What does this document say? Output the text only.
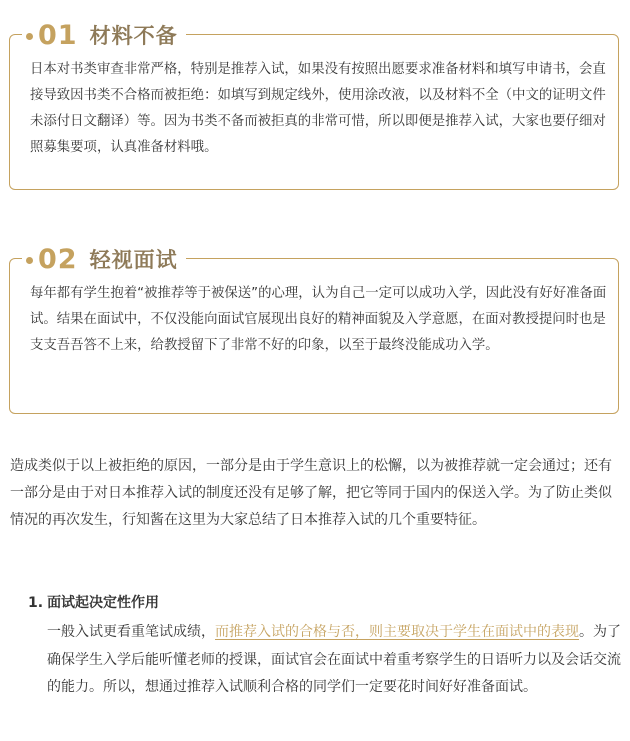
01 材料不备
日本对书类审查非常严格，特别是推荐入试，如果没有按照出愿要求准备材料和填写申请书，会直接导致因书类不合格而被拒绝：如填写到规定线外，使用涂改液，以及材料不全（中文的证明文件未添付日文翻译）等。因为书类不备而被拒真的非常可惜，所以即便是推荐入试，大家也要仔细对照募集要项，认真准备材料哦。
02 轻视面试
每年都有学生抱着“被推荐等于被保送”的心理，认为自己一定可以成功入学，因此没有好好准备面试。结果在面试中，不仅没能向面试官展现出良好的精神面貌及入学意愿，在面对教授提问时也是支支吾吾答不上来，给教授留下了非常不好的印象，以至于最终没能成功入学。
造成类似于以上被拒绝的原因，一部分是由于学生意识上的松懈，以为被推荐就一定会通过；还有一部分是由于对日本推荐入试的制度还没有足够了解，把它等同于国内的保送入学。为了防止类似情况的再次发生，行知酱在这里为大家总结了日本推荐入试的几个重要特征。
1. 面试起决定性作用
一般入试更看重笔试成绩，而推荐入试的合格与否，则主要取决于学生在面试中的表现。为了确保学生入学后能听懂老师的授课，面试官会在面试中着重考察学生的日语听力以及会话交流的能力。所以，想通过推荐入试顺利合格的同学们一定要花时间好好准备面试。
